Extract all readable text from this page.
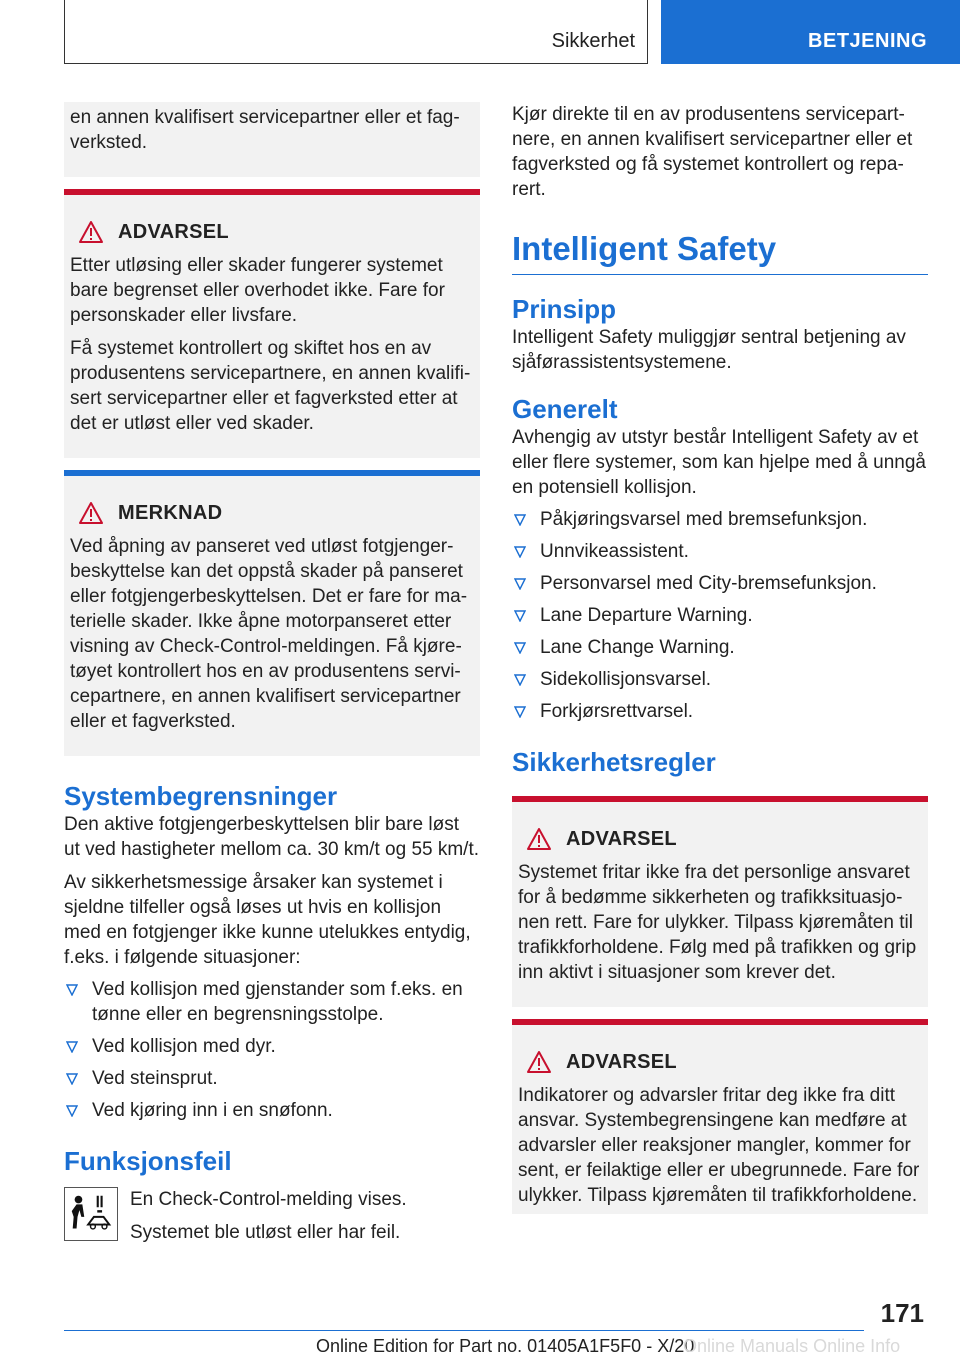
Sikkerhet	BETJENING

en annen kvalifisert servicepartner eller et fagverksted.

ADVARSEL

Etter utløsing eller skader fungerer systemet bare begrenset eller overhodet ikke. Fare for personskader eller livsfare.

Få systemet kontrollert og skiftet hos en av produsentens servicepartnere, en annen kvalifisert servicepartner eller et fagverksted etter at det er utløst eller ved skader.

MERKNAD

Ved åpning av panseret ved utløst fotgjengerbeskyttelse kan det oppstå skader på panseret eller fotgjengerbeskyttelsen. Det er fare for materielle skader. Ikke åpne motorpanseret etter visning av Check-Control-meldingen. Få kjøretøyet kontrollert hos en av produsentens servicepartnere, en annen kvalifisert servicepartner eller et fagverksted.

Systembegrensninger

Den aktive fotgjengerbeskyttelsen blir bare løst ut ved hastigheter mellom ca. 30 km/t og 55 km/t.

Av sikkerhetsmessige årsaker kan systemet i sjeldne tilfeller også løses ut hvis en kollisjon med en fotgjenger ikke kunne utelukkes entydig, f.eks. i følgende situasjoner:

Ved kollisjon med gjenstander som f.eks. en tønne eller en begrensningsstolpe.
Ved kollisjon med dyr.
Ved steinsprut.
Ved kjøring inn i en snøfonn.
Funksjonsfeil

En Check-Control-melding vises.

Systemet ble utløst eller har feil.

Kjør direkte til en av produsentens servicepartnere, en annen kvalifisert servicepartner eller et fagverksted og få systemet kontrollert og reparert.

Intelligent Safety
Prinsipp

Intelligent Safety muliggjør sentral betjening av sjåførassistentsystemene.

Generelt

Avhengig av utstyr består Intelligent Safety av et eller flere systemer, som kan hjelpe med å unngå en potensiell kollisjon.

Påkjøringsvarsel med bremsefunksjon.
Unnvikeassistent.
Personvarsel med City-bremsefunksjon.
Lane Departure Warning.
Lane Change Warning.
Sidekollisjonsvarsel.
Forkjørsrettvarsel.
Sikkerhetsregler
ADVARSEL

Systemet fritar ikke fra det personlige ansvaret for å bedømme sikkerheten og trafikksituasjonen rett. Fare for ulykker. Tilpass kjøremåten til trafikkforholdene. Følg med på trafikken og grip inn aktivt i situasjoner som krever det.

ADVARSEL

Indikatorer og advarsler fritar deg ikke fra ditt ansvar. Systembegrensingene kan medføre at advarsler eller reaksjoner mangler, kommer for sent, er feilaktige eller er ubegrunnede. Fare for ulykker. Tilpass kjøremåten til trafikkforholdene.

171
Online Edition for Part no. 01405A1F5F0 - X/20
Online Manuals Online Info
